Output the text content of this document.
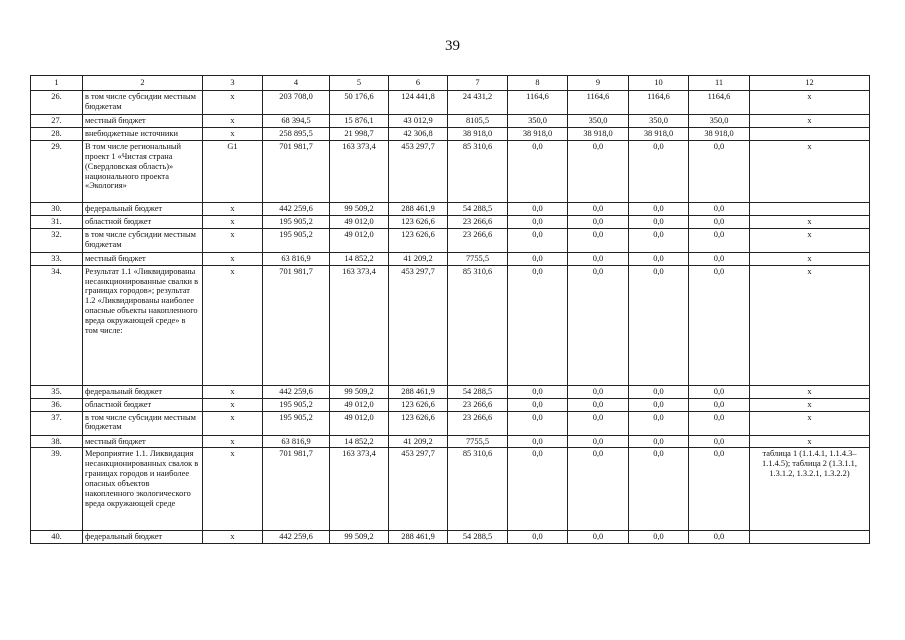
39
1	2	3	4	5	6	7	8	9	10	11	12
26.	в том числе субсидии местным бюджетам	x	203 708,0	50 176,6	124 441,8	24 431,2	1164,6	1164,6	1164,6	1164,6	x
27.	местный бюджет	x	68 394,5	15 876,1	43 012,9	8105,5	350,0	350,0	350,0	350,0	x
28.	внебюджетные источники	x	258 895,5	21 998,7	42 306,8	38 918,0	38 918,0	38 918,0	38 918,0	38 918,0	
29.	В том числе региональный проект 1 «Чистая страна (Свердловская область)» национального проекта «Экология»	G1	701 981,7	163 373,4	453 297,7	85 310,6	0,0	0,0	0,0	0,0	x
30.	федеральный бюджет	x	442 259,6	99 509,2	288 461,9	54 288,5	0,0	0,0	0,0	0,0	
31.	областной бюджет	x	195 905,2	49 012,0	123 626,6	23 266,6	0,0	0,0	0,0	0,0	x
32.	в том числе субсидии местным бюджетам	x	195 905,2	49 012,0	123 626,6	23 266,6	0,0	0,0	0,0	0,0	x
33.	местный бюджет	x	63 816,9	14 852,2	41 209,2	7755,5	0,0	0,0	0,0	0,0	x
34.	Результат 1.1 «Ликвидированы несанкционированные свалки в границах городов»; результат 1.2 «Ликвидированы наиболее опасные объекты накопленного вреда окружающей среде» в том числе:	x	701 981,7	163 373,4	453 297,7	85 310,6	0,0	0,0	0,0	0,0	x
35.	федеральный бюджет	x	442 259,6	99 509,2	288 461,9	54 288,5	0,0	0,0	0,0	0,0	x
36.	областной бюджет	x	195 905,2	49 012,0	123 626,6	23 266,6	0,0	0,0	0,0	0,0	x
37.	в том числе субсидии местным бюджетам	x	195 905,2	49 012,0	123 626,6	23 266,6	0,0	0,0	0,0	0,0	x
38.	местный бюджет	x	63 816,9	14 852,2	41 209,2	7755,5	0,0	0,0	0,0	0,0	x
39.	Мероприятие 1.1. Ликвидация несанкционированных свалок в границах городов и наиболее опасных объектов накопленного экологического вреда окружающей среде	x	701 981,7	163 373,4	453 297,7	85 310,6	0,0	0,0	0,0	0,0	таблица 1 (1.1.4.1, 1.1.4.3–1.1.4.5); таблица 2 (1.3.1.1, 1.3.1.2, 1.3.2.1, 1.3.2.2)
40.	федеральный бюджет	x	442 259,6	99 509,2	288 461,9	54 288,5	0,0	0,0	0,0	0,0	
